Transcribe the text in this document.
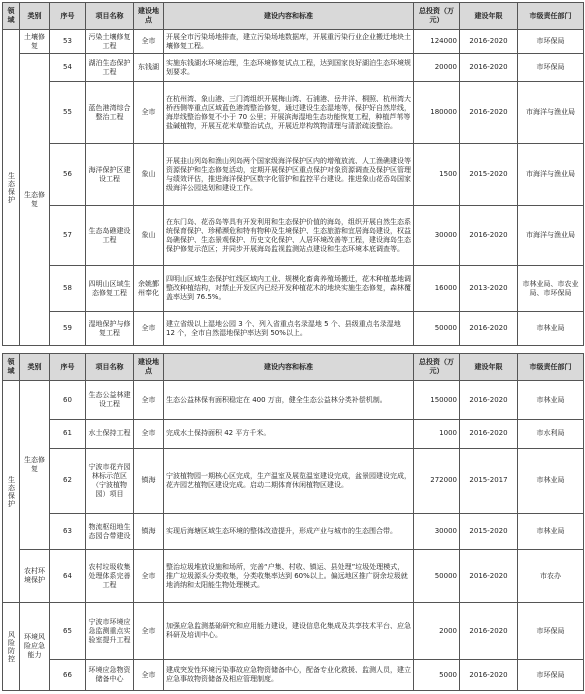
领域	类别	序号	项目名称	建设地点	建设内容和标准	总投资（万元）	建设年限	市级责任部门
生态保护	土壤修复	53	污染土壤修复工程	全市	开展全市污染场地排查，建立污染场地数据库，开展重污染行业企业搬迁地块土壤修复工程。	124000	2016-2020	市环保局
	生态修复	54	湖泊生态保护工程	东钱湖	实施东钱湖水环境治理，生态环境修复试点工程，达到国家良好湖泊生态环境规划要求。	20000	2016-2020	市环保局
		55	蓝色港湾综合整治工程	全市	在杭州湾、象山港、三门湾组织开展梅山湾、石浦港、岳井洋、桐照、杭州湾大桥西侧等重点区域蓝色港湾整治修复，通过建设生态湿地等，保护好自然岸线，海岸线整治修复不小于 70 公里；开展滨海湿地生态功能恢复工程，种植芦苇等盐碱植物，开展互花米草整治试点，开展近岸构筑物清理与清淤疏浚整治。	180000	2016-2020	市海洋与渔业局
		56	海洋保护区建设工程	象山	开展韭山列岛和渔山列岛两个国家级海洋保护区内的增殖放流、人工渔礁建设等资源保护和生态修复活动，定期开展保护区重点保护对象资源调查及保护区管理与绩效评估，推进海洋保护区数字化管护和监控平台建设。推进象山花岙岛国家级海洋公园选划和建设工作。	1500	2015-2020	市海洋与渔业局
		57	生态岛礁建设工程	象山	在东门岛、花岙岛等具有开发利用和生态保护价值的海岛，组织开展自然生态系统保育保护、珍稀濒危和特有物种及生境保护、生态旅游和宜居海岛建设，权益岛礁保护、生态景观保护、历史文化保护、人居环境改善等工程，建设海岛生态保护修复示范区；并同步开展海岛监视监测站点建设和生态环境本底调查等。	30000	2016-2020	市海洋与渔业局
		58	四明山区域生态修复工程	余姚鄞州奉化	四明山区域生态保护红线区域内工业、规模化畜禽养殖场搬迁，花木种植基地调整改种植结构，对禁止开发区内已经开发种植花木的地块实施生态修复，森林覆盖率达到 76.5%。	16000	2013-2020	市林业局、市农业局、市环保局
		59	湿地保护与修复工程	全市	建立省级以上湿地公园 3 个、列入省重点名录湿地 5 个、县级重点名录湿地 12 个，全市自然湿地保护率达到 50%以上。	50000	2016-2020	市林业局
领域	类别	序号	项目名称	建设地点	建设内容和标准	总投资（万元）	建设年限	市级责任部门
生态保护	生态修复	60	生态公益林建设工程	全市	生态公益林保有面积稳定在 400 万亩，健全生态公益林分类补偿机制。	150000	2016-2020	市林业局
		61	水土保持工程	全市	完成水土保持面积 42 平方千米。	1000	2016-2020	市水利局
		62	宁波市花卉园林标示范区（宁波植物园）项目	镇海	宁波植物园一期核心区完成，生产温室及展览温室建设完成，盆景园建设完成，花卉园艺植物区建设完成。启动二期体育休闲植物区建设。	272000	2015-2017	市林业局
		63	物流枢纽地生态园合带建设	镇海	实现后海塘区域生态环境的整体改造提升，形成产业与城市的生态围合带。	30000	2015-2020	市林业局
	农村环境保护	64	农村垃圾收集处理体系完善工程	全市	整治垃圾堆放设施和场所，完善“户集、村收、镇运、县处理”垃圾处理模式，推广垃圾源头分类收集，分类收集率达到 60%以上。偏远地区推广厨余垃圾就地消纳和太阳能生物处理模式。	50000	2016-2020	市农办
风险防控	环境风险应急能力	65	宁波市环境应急监测重点实验室提升工程	全市	加强应急监测基础研究和应用能力建设，建设信息化集成及共享技术平台、应急科研及培训中心。	2000	2016-2020	市环保局
		66	环境应急物资储备中心	全市	建成突发性环境污染事故应急物资储备中心，配备专业化救援、监测人员，建立应急事故物资储备及相应管理制度。	5000	2016-2020	市环保局
